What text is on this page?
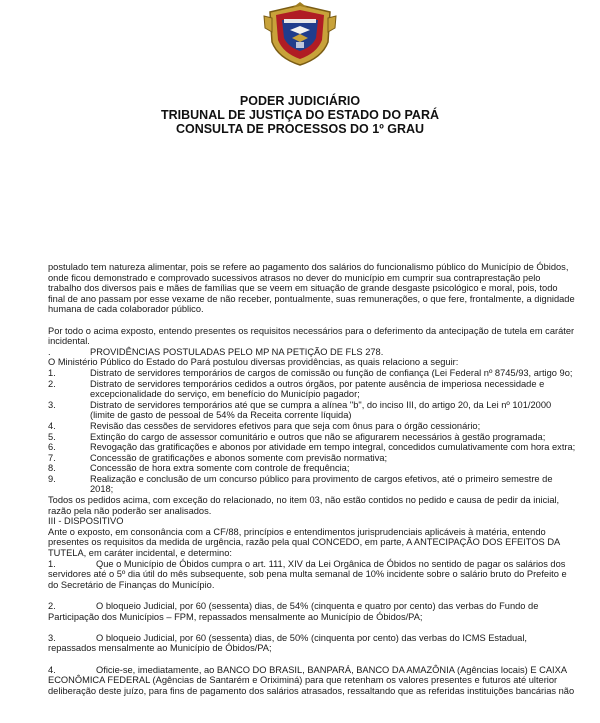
PODER JUDICIÁRIO
TRIBUNAL DE JUSTIÇA DO ESTADO DO PARÁ
CONSULTA DE PROCESSOS DO 1º GRAU

postulado tem natureza alimentar, pois se refere ao pagamento dos salários do funcionalismo público do Município de Óbidos, onde ficou demonstrado e comprovado sucessivos atrasos no dever do município em cumprir sua contraprestação pelo trabalho dos diversos pais e mães de famílias que se veem em situação de grande desgaste psicológico e moral, pois, todo final de ano passam por esse vexame de não receber, pontualmente, suas remunerações, o que fere, frontalmente, a dignidade humana de cada colaborador público.

Por todo o acima exposto, entendo presentes os requisitos necessários para o deferimento da antecipação de tutela em caráter incidental.

.	PROVIDÊNCIAS POSTULADAS PELO MP NA PETIÇÃO DE FLS 278.

O Ministério Público do Estado do Pará postulou diversas providências, as quais relaciono a seguir:

1.	Distrato de servidores temporários de cargos de comissão ou função de confiança (Lei Federal nº 8745/93, artigo 9o;
2.	Distrato de servidores temporários cedidos a outros órgãos, por patente ausência de imperiosa necessidade e excepcionalidade do serviço, em benefício do Município pagador;
3.	Distrato de servidores temporários até que se cumpra a alínea "b", do inciso III, do artigo 20, da Lei nº 101/2000 (limite de gasto de pessoal de 54% da Receita corrente líquida)
4.	Revisão das cessões de servidores efetivos para que seja com ônus para o órgão cessionário;
5.	Extinção do cargo de assessor comunitário e outros que não se afigurarem necessários à gestão programada;
6.	Revogação das gratificações e abonos por atividade em tempo integral, concedidos cumulativamente com hora extra;
7.	Concessão de gratificações e abonos somente com previsão normativa;
8.	Concessão de hora extra somente com controle de frequência;
9.	Realização e conclusão de um concurso público para provimento de cargos efetivos, até o primeiro semestre de 2018;

Todos os pedidos acima, com exceção do relacionado, no item 03, não estão contidos no pedido e causa de pedir da inicial, razão pela não poderão ser analisados.

III - DISPOSITIVO

Ante o exposto, em consonância com a CF/88, princípios e entendimentos jurisprudenciais aplicáveis à matéria, entendo presentes os requisitos da medida de urgência, razão pela qual CONCEDO, em parte, A ANTECIPAÇÃO DOS EFEITOS DA TUTELA, em caráter incidental, e determino:

1.	Que o Município de Óbidos cumpra o art. 111, XIV da Lei Orgânica de Óbidos no sentido de pagar os salários dos servidores até o 5º dia útil do mês subsequente, sob pena multa semanal de 10% incidente sobre o salário bruto do Prefeito e do Secretário de Finanças do Município.

2.	O bloqueio Judicial, por 60 (sessenta) dias, de 54% (cinquenta e quatro por cento) das verbas do Fundo de Participação dos Municípios – FPM, repassados mensalmente ao Município de Óbidos/PA;

3.	O bloqueio Judicial, por 60 (sessenta) dias, de 50% (cinquenta por cento) das verbas do ICMS Estadual, repassados mensalmente ao Município de Óbidos/PA;

4.	Oficie-se, imediatamente, ao BANCO DO BRASIL, BANPARÁ, BANCO DA AMAZÔNIA (Agências locais) E CAIXA ECONÔMICA FEDERAL (Agências de Santarém e Oriximiná) para que retenham os valores presentes e futuros até ulterior deliberação deste juízo, para fins de pagamento dos salários atrasados, ressaltando que as referidas instituições bancárias não
